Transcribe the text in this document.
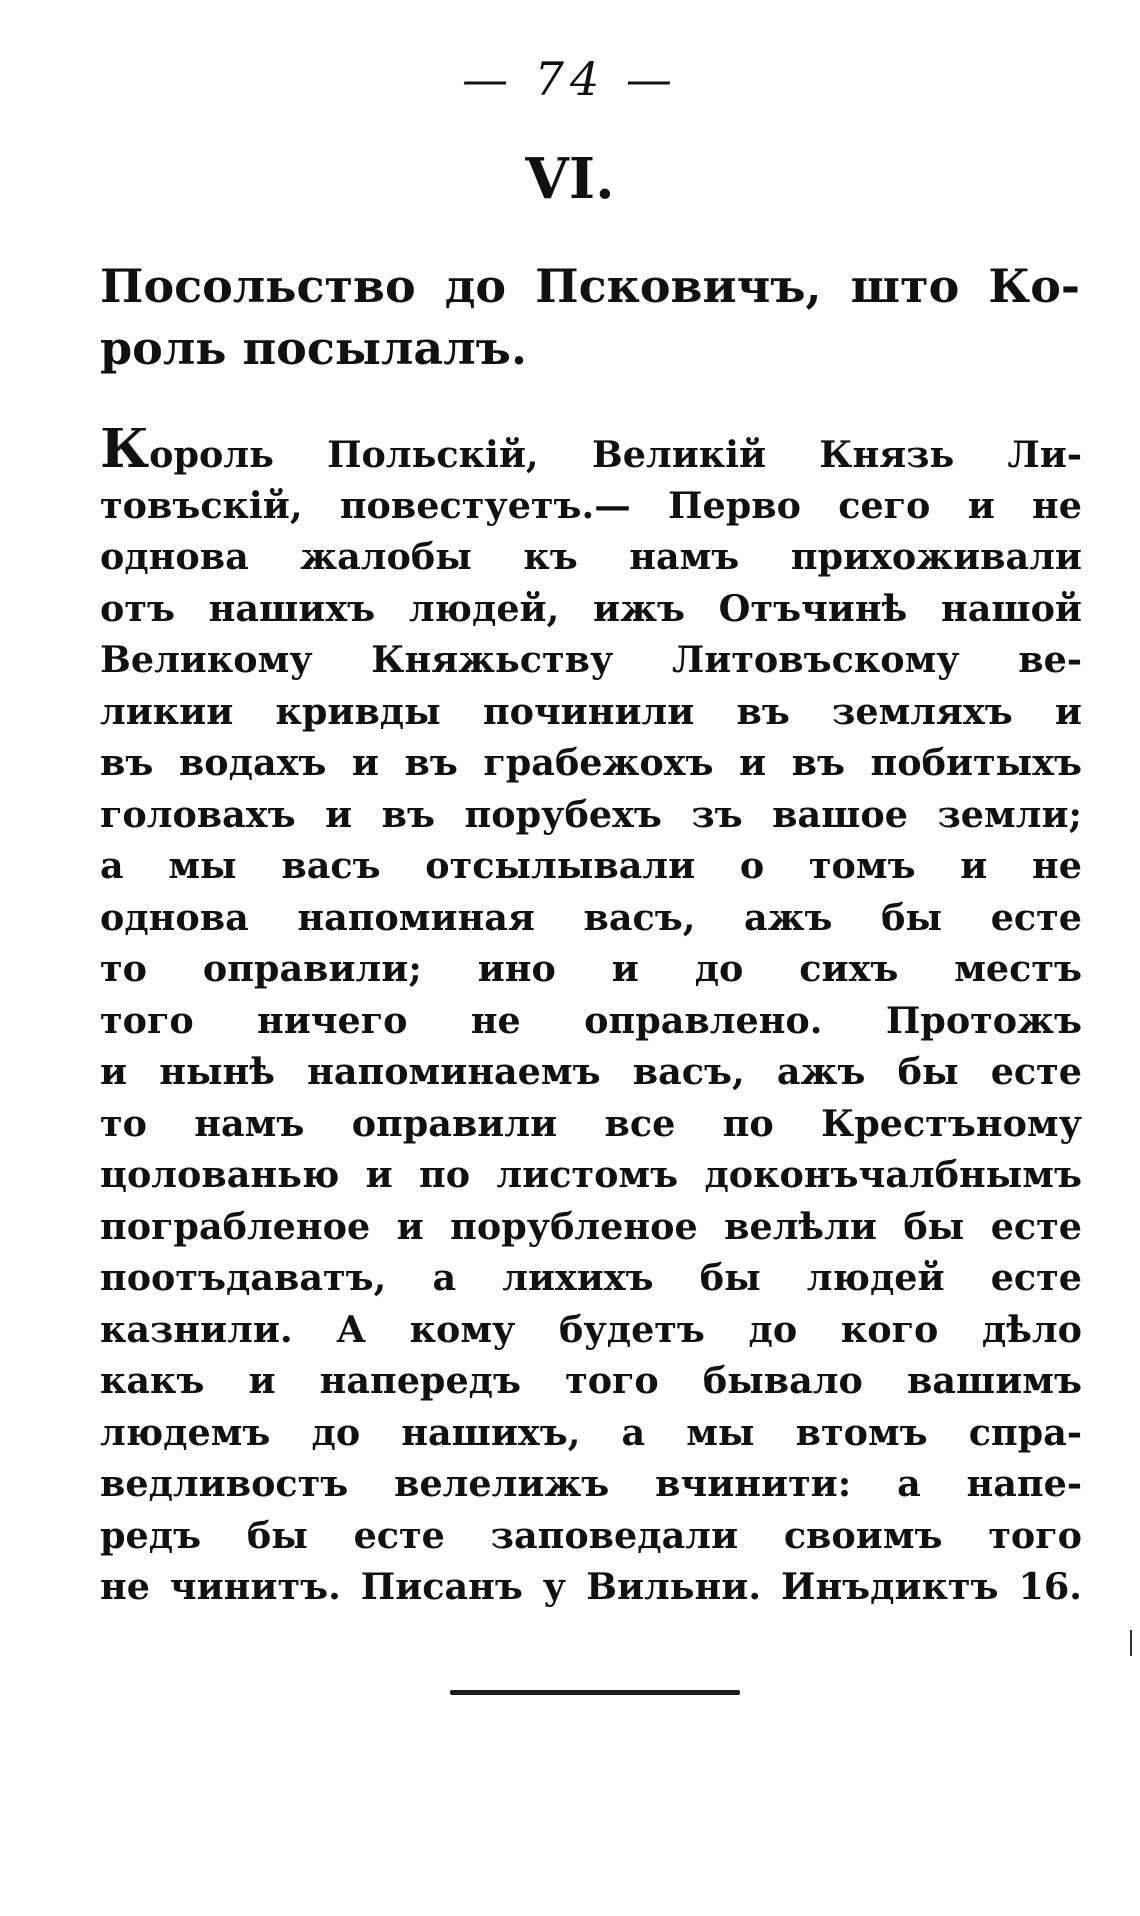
— 74 —
VI.
Посольство до Псковичъ, што Ко-
роль посылалъ.
Король Польскій, Великій Князь Ли-
товъскій, повестуетъ.— Перво сего и не
однова жалобы къ намъ прихоживали
отъ нашихъ людей, ижъ Отъчинѣ нашой
Великому Княжьству Литовъскому ве-
ликии кривды починили въ земляхъ и
въ водахъ и въ грабежохъ и въ побитыхъ
головахъ и въ порубехъ зъ вашое земли;
а мы васъ отсылывали о томъ и не
однова напоминая васъ, ажъ бы есте
то оправили; ино и до сихъ местъ
того ничего не оправлено. Протожъ
и нынѣ напоминаемъ васъ, ажъ бы есте
то намъ оправили все по Крестъному
цолованью и по листомъ доконъчалбнымъ
пограбленое и порубленое велѣли бы есте
поотъдаватъ, а лихихъ бы людей есте
казнили. А кому будетъ до кого дѣло
какъ и напередъ того бывало вашимъ
людемъ до нашихъ, а мы втомъ спра-
ведливостъ велелижъ вчинити: а напе-
редъ бы есте заповедали своимъ того
не чинитъ. Писанъ у Вильни. Инъдиктъ 16.
